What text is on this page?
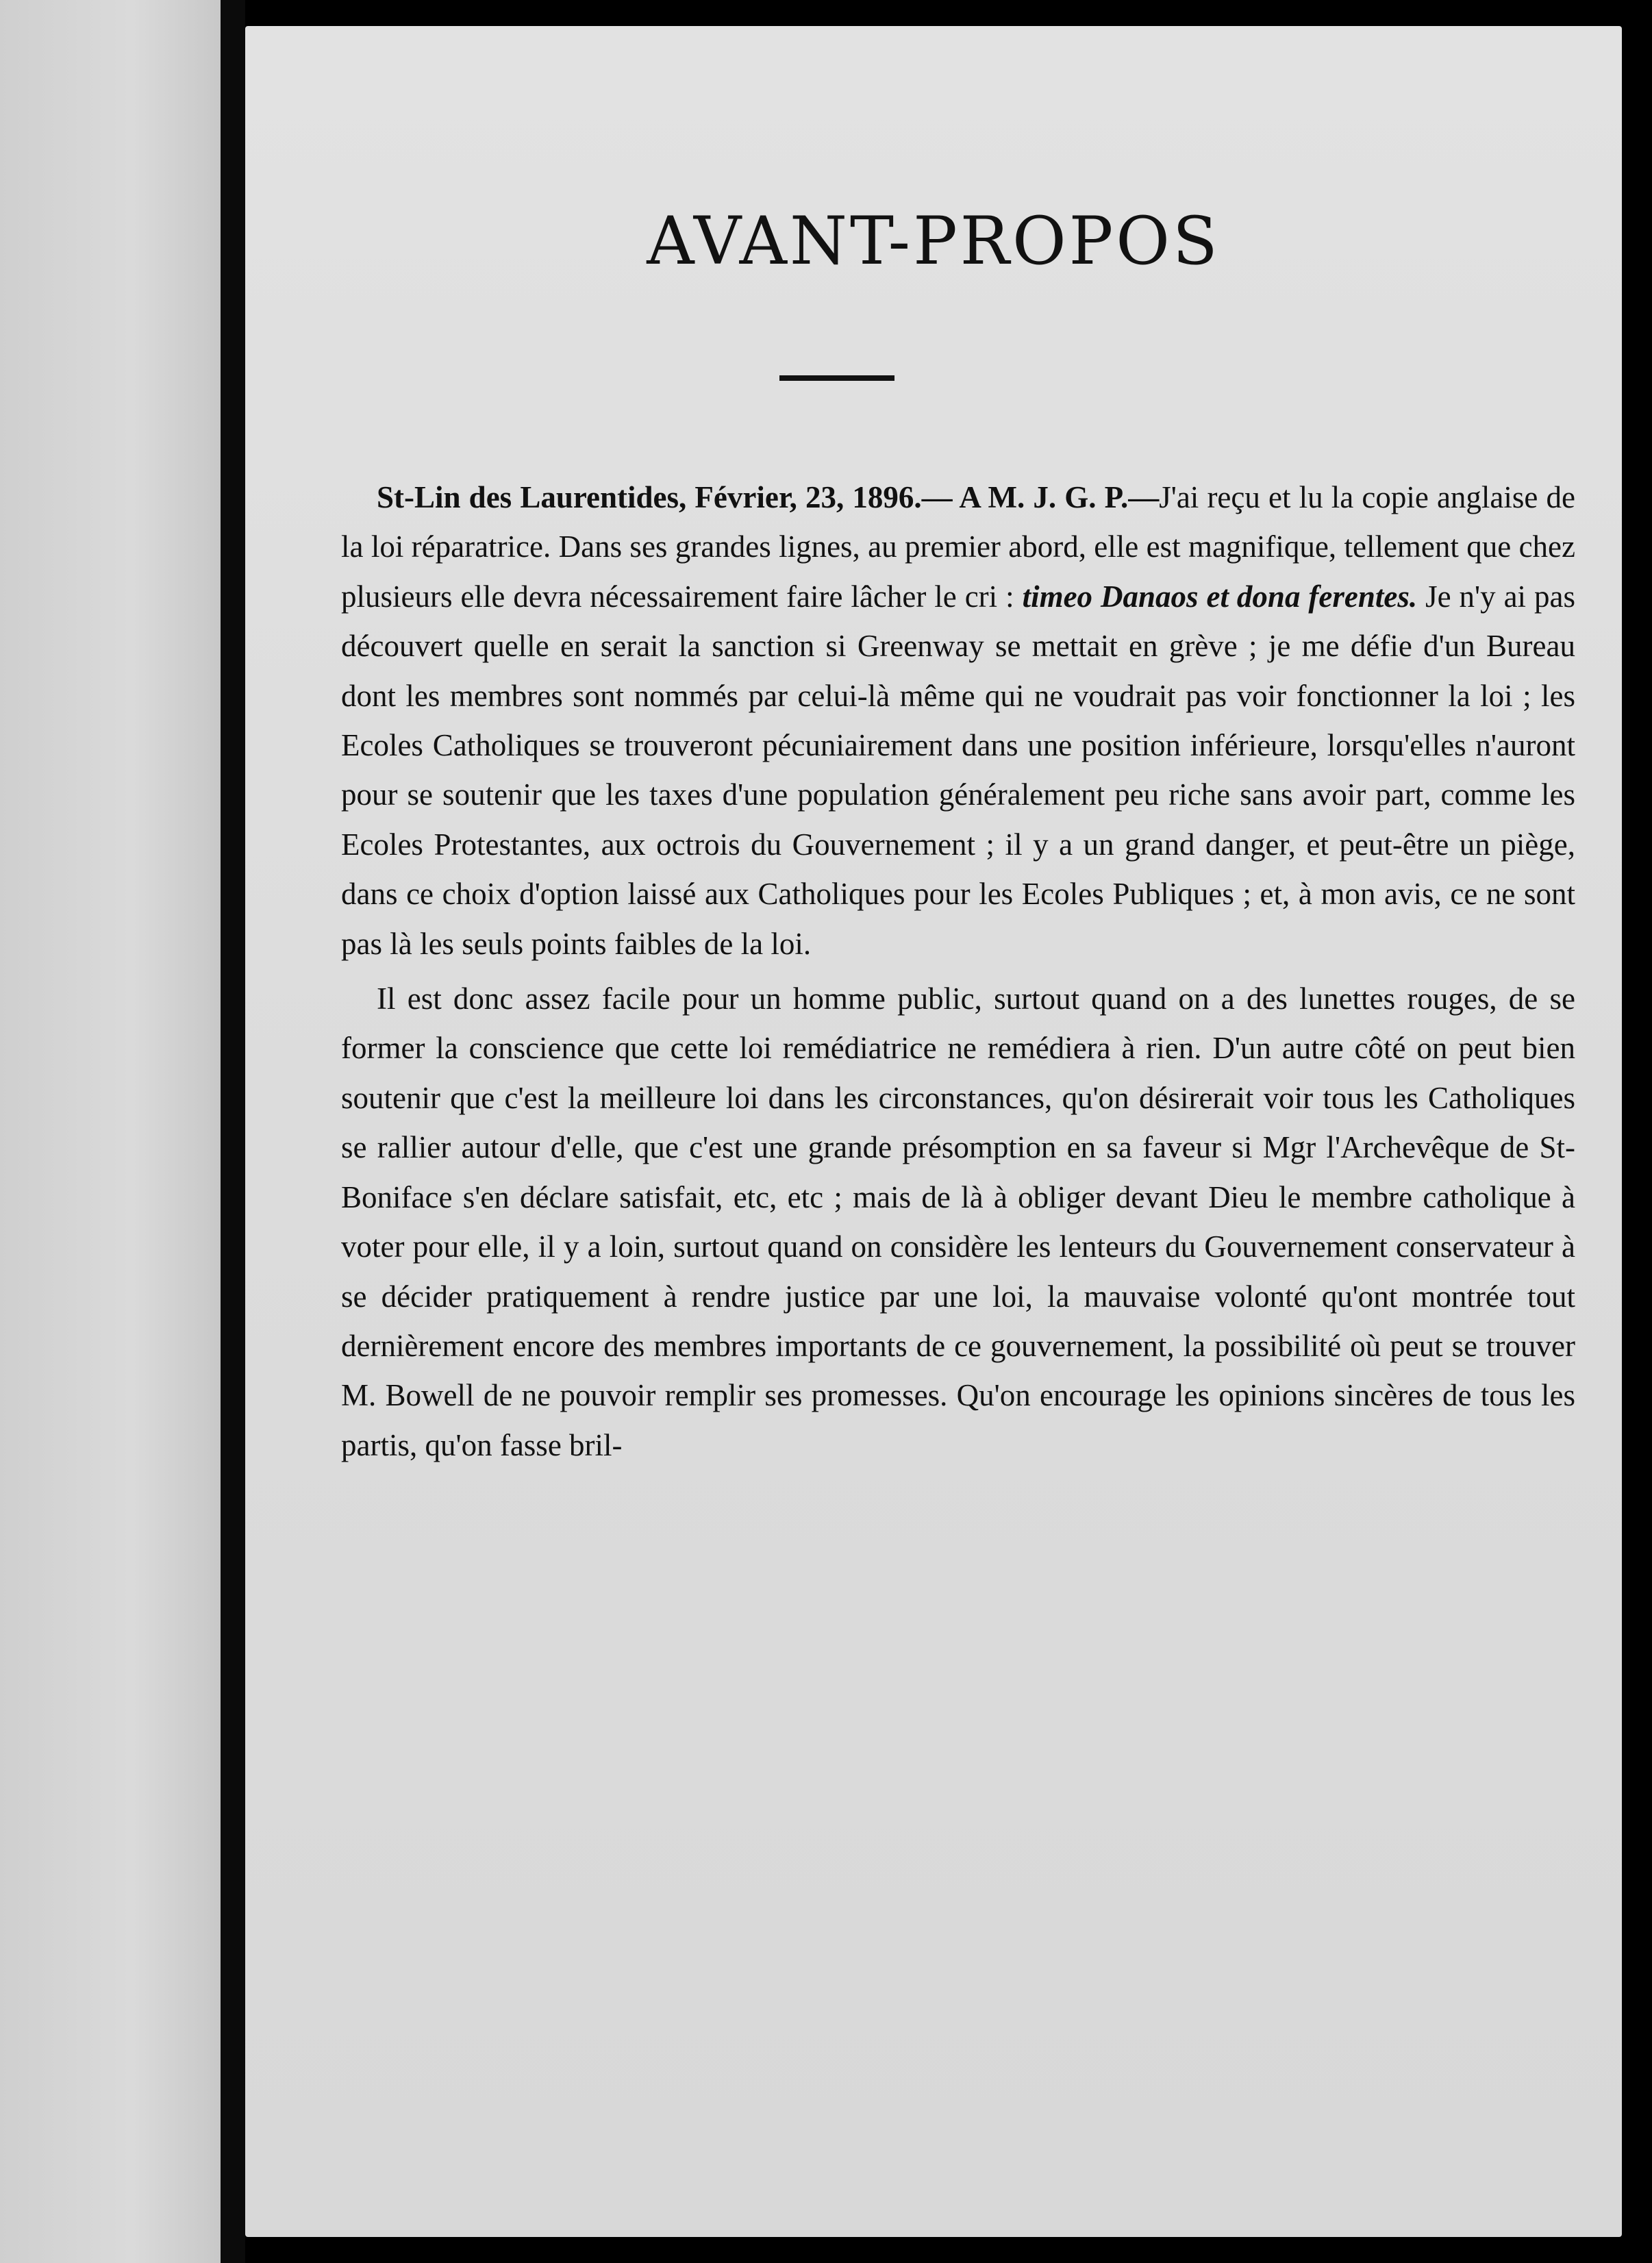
AVANT-PROPOS

St-Lin des Laurentides, Février, 23, 1896.— A M. J. G. P.—J'ai reçu et lu la copie anglaise de la loi réparatrice. Dans ses grandes lignes, au premier abord, elle est magnifique, tellement que chez plusieurs elle devra nécessairement faire lâcher le cri : timeo Danaos et dona ferentes. Je n'y ai pas découvert quelle en serait la sanction si Greenway se mettait en grève ; je me défie d'un Bureau dont les membres sont nommés par celui-là même qui ne voudrait pas voir fonctionner la loi ; les Ecoles Catholiques se trouveront pécuniairement dans une position inférieure, lorsqu'elles n'auront pour se soutenir que les taxes d'une population généralement peu riche sans avoir part, comme les Ecoles Protestantes, aux octrois du Gouvernement ; il y a un grand danger, et peut-être un piège, dans ce choix d'option laissé aux Catholiques pour les Ecoles Publiques ; et, à mon avis, ce ne sont pas là les seuls points faibles de la loi.

Il est donc assez facile pour un homme public, surtout quand on a des lunettes rouges, de se former la conscience que cette loi remédiatrice ne remédiera à rien. D'un autre côté on peut bien soutenir que c'est la meilleure loi dans les circonstances, qu'on désirerait voir tous les Catholiques se rallier autour d'elle, que c'est une grande présomption en sa faveur si Mgr l'Archevêque de St-Boniface s'en déclare satisfait, etc, etc ; mais de là à obliger devant Dieu le membre catholique à voter pour elle, il y a loin, surtout quand on considère les lenteurs du Gouvernement conservateur à se décider pratiquement à rendre justice par une loi, la mauvaise volonté qu'ont montrée tout dernièrement encore des membres importants de ce gouvernement, la possibilité où peut se trouver M. Bowell de ne pouvoir remplir ses promesses. Qu'on encourage les opinions sincères de tous les partis, qu'on fasse bril-
